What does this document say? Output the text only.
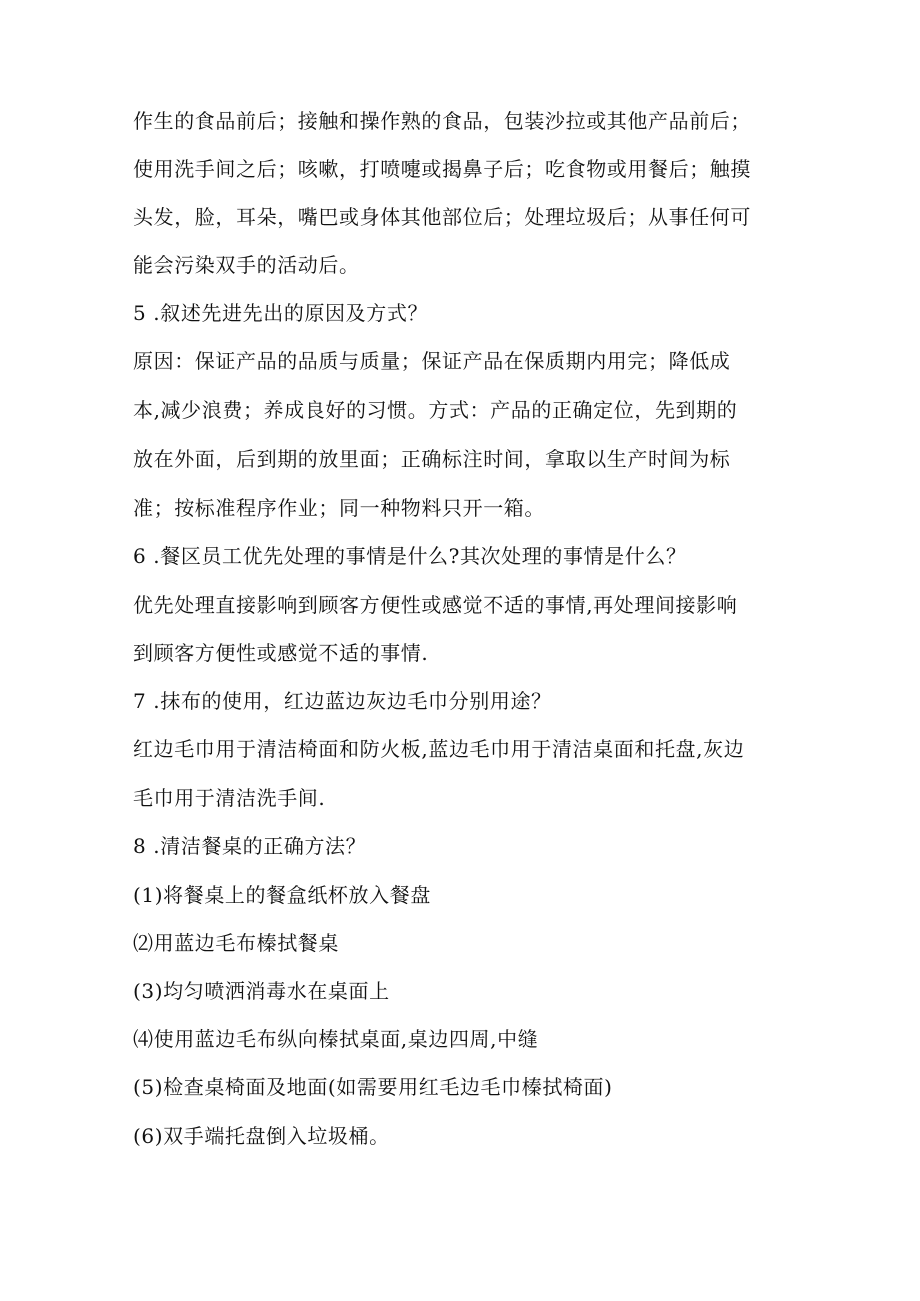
作生的食品前后；接触和操作熟的食品，包装沙拉或其他产品前后；
使用洗手间之后；咳嗽，打喷嚏或揭鼻子后；吃食物或用餐后；触摸
头发，脸，耳朵，嘴巴或身体其他部位后；处理垃圾后；从事任何可
能会污染双手的活动后。
5 .叙述先进先出的原因及方式？
原因：保证产品的品质与质量；保证产品在保质期内用完；降低成
本,减少浪费；养成良好的习惯。方式：产品的正确定位，先到期的
放在外面，后到期的放里面；正确标注时间，拿取以生产时间为标
准；按标准程序作业；同一种物料只开一箱。
6 .餐区员工优先处理的事情是什么?其次处理的事情是什么？
优先处理直接影响到顾客方便性或感觉不适的事情,再处理间接影响
到顾客方便性或感觉不适的事情.
7 .抹布的使用，红边蓝边灰边毛巾分别用途？
红边毛巾用于清洁椅面和防火板,蓝边毛巾用于清洁桌面和托盘,灰边
毛巾用于清洁洗手间.
8 .清洁餐桌的正确方法？
(1)将餐桌上的餐盒纸杯放入餐盘
⑵用蓝边毛布榛拭餐桌
(3)均匀喷洒消毒水在桌面上
⑷使用蓝边毛布纵向榛拭桌面,桌边四周,中缝
(5)检查桌椅面及地面(如需要用红毛边毛巾榛拭椅面)
(6)双手端托盘倒入垃圾桶。
